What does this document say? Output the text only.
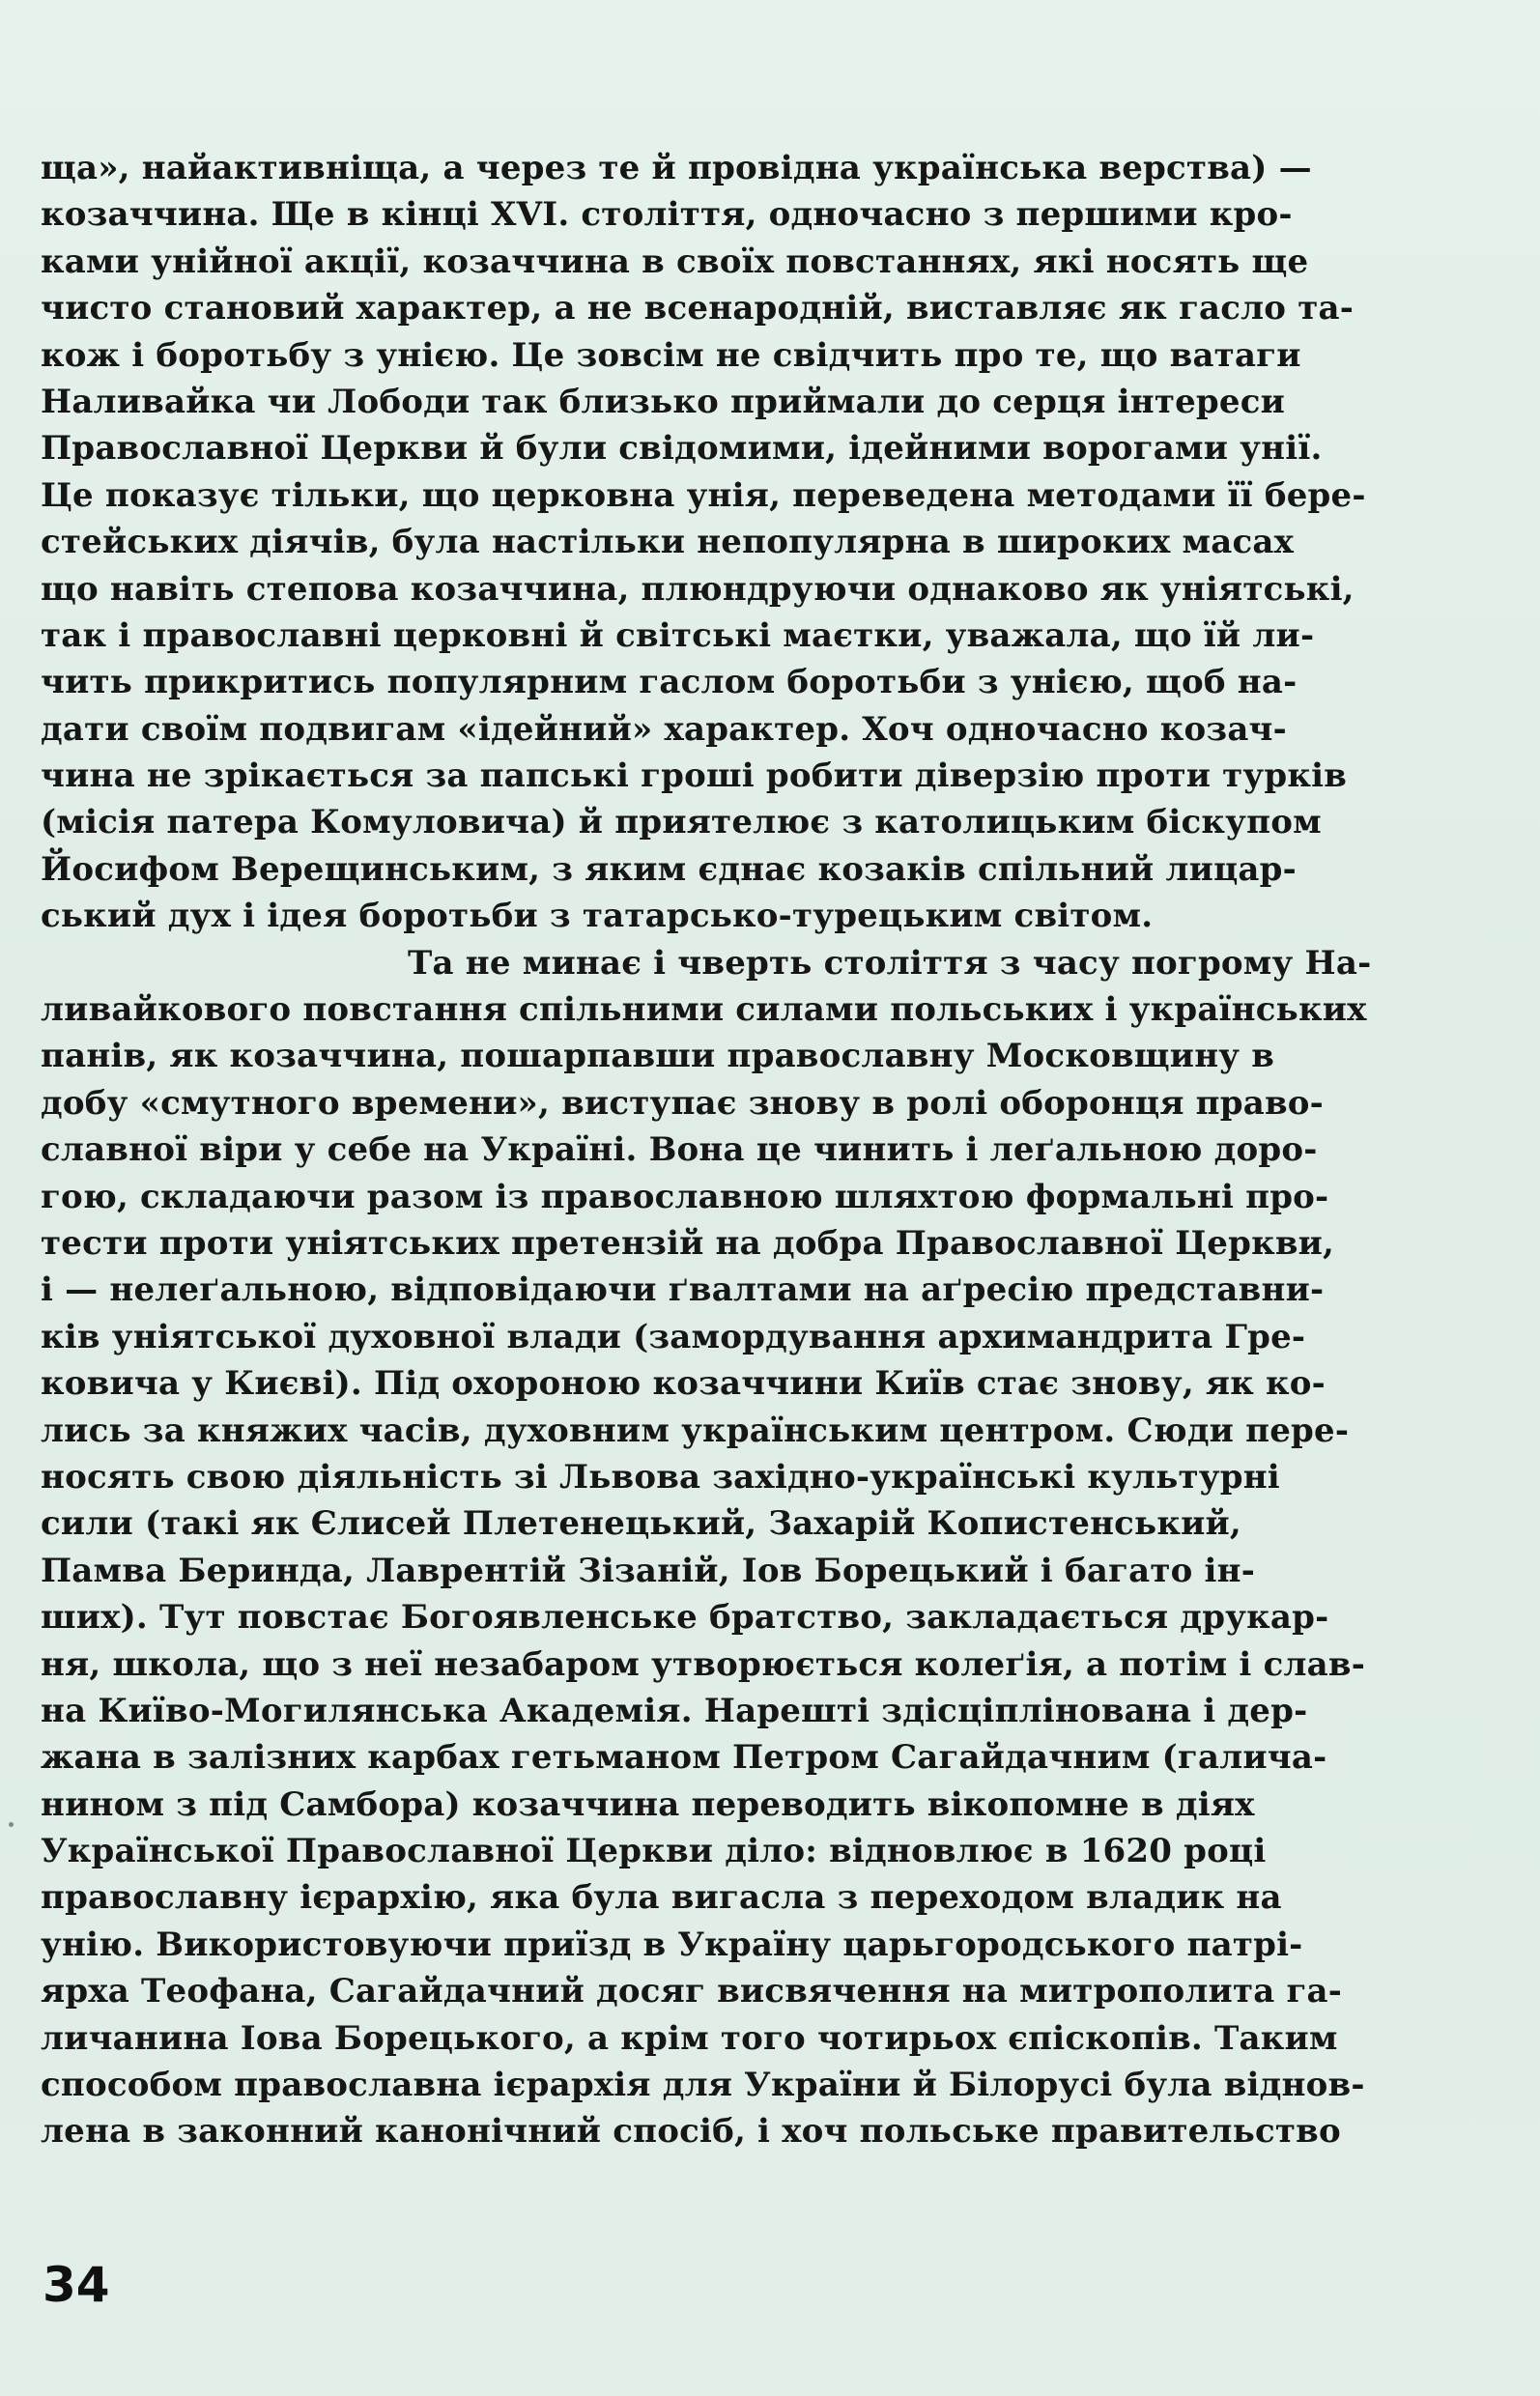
ща», найактивніща, а через те й провідна українська верства) —
козаччина. Ще в кінці XVI. століття, одночасно з першими кро-
ками унійної акції, козаччина в своїх повстаннях, які носять ще
чисто становий характер, а не всенародній, виставляє як гасло та-
кож і боротьбу з унією. Це зовсім не свідчить про те, що ватаги
Наливайка чи Лободи так близько приймали до серця інтереси
Православної Церкви й були свідомими, ідейними ворогами унії.
Це показує тільки, що церковна унія, переведена методами її бере-
стейських діячів, була настільки непопулярна в широких масах
що навіть степова козаччина, плюндруючи однаково як уніятські,
так і православні церковні й світські маєтки, уважала, що їй ли-
чить прикритись популярним гаслом боротьби з унією, щоб на-
дати своїм подвигам «ідейний» характер. Хоч одночасно козач-
чина не зрікається за папські гроші робити діверзію проти турків
(місія патера Комуловича) й приятелює з католицьким біскупом
Йосифом Верещинським, з яким єднає козаків спільний лицар-
ський дух і ідея боротьби з татарсько-турецьким світом.
Та не минає і чверть століття з часу погрому На-
ливайкового повстання спільними силами польських і українських
панів, як козаччина, пошарпавши православну Московщину в
добу «смутного времени», виступає знову в ролі оборонця право-
славної віри у себе на Україні. Вона це чинить і леґальною доро-
гою, складаючи разом із православною шляхтою формальні про-
тести проти уніятських претензій на добра Православної Церкви,
і — нелеґальною, відповідаючи ґвалтами на аґресію представни-
ків уніятської духовної влади (замордування архимандрита Гре-
ковича у Києві). Під охороною козаччини Київ стає знову, як ко-
лись за княжих часів, духовним українським центром. Сюди пере-
носять свою діяльність зі Львова західно-українські культурні
сили (такі як Єлисей Плетенецький, Захарій Копистенський,
Памва Беринда, Лаврентій Зізаній, Іов Борецький і багато ін-
ших). Тут повстає Богоявленське братство, закладається друкар-
ня, школа, що з неї незабаром утворюється колеґія, а потім і слав-
на Київо-Могилянська Академія. Нарешті здісціплінована і дер-
жана в залізних карбах гетьманом Петром Сагайдачним (галича-
нином з під Самбора) козаччина переводить вікопомне в діях
Української Православної Церкви діло: відновлює в 1620 році
православну ієрархію, яка була вигасла з переходом владик на
унію. Використовуючи приїзд в Україну царьгородського патрі-
ярха Теофана, Сагайдачний досяг висвячення на митрополита га-
личанина Іова Борецького, а крім того чотирьох єпіскопів. Таким
способом православна ієрархія для України й Білорусі була віднов-
лена в законний канонічний спосіб, і хоч польське правительство
34
